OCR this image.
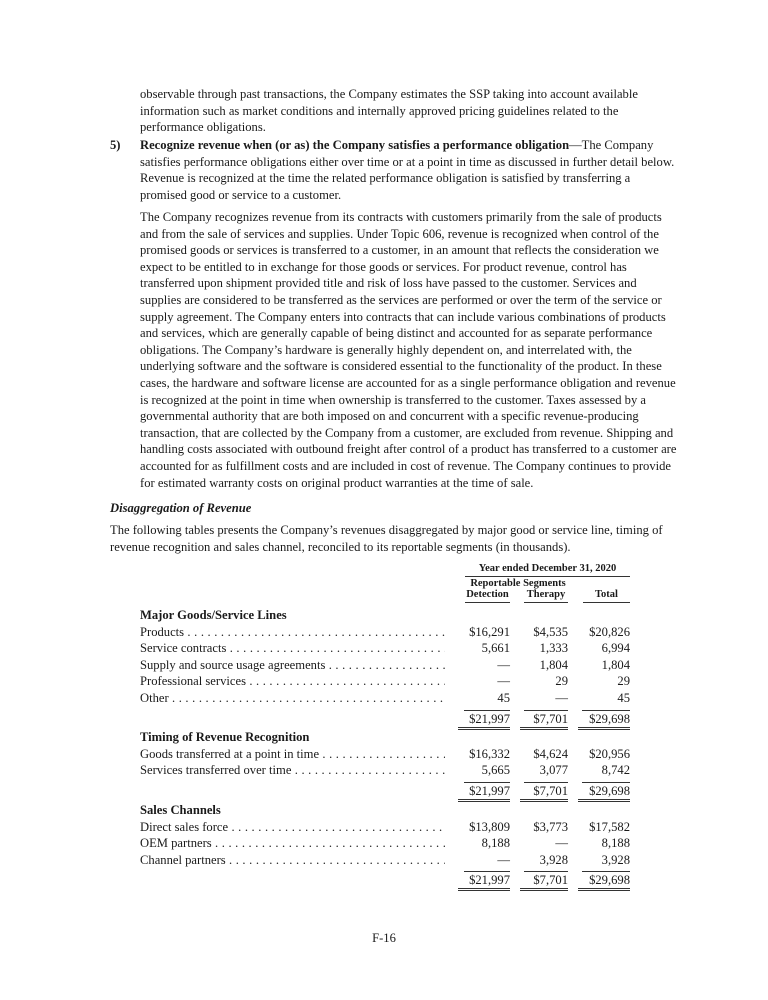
observable through past transactions, the Company estimates the SSP taking into account available information such as market conditions and internally approved pricing guidelines related to the performance obligations.

5) Recognize revenue when (or as) the Company satisfies a performance obligation—The Company satisfies performance obligations either over time or at a point in time as discussed in further detail below. Revenue is recognized at the time the related performance obligation is satisfied by transferring a promised good or service to a customer.

The Company recognizes revenue from its contracts with customers primarily from the sale of products and from the sale of services and supplies. Under Topic 606, revenue is recognized when control of the promised goods or services is transferred to a customer, in an amount that reflects the consideration we expect to be entitled to in exchange for those goods or services. For product revenue, control has transferred upon shipment provided title and risk of loss have passed to the customer. Services and supplies are considered to be transferred as the services are performed or over the term of the service or supply agreement. The Company enters into contracts that can include various combinations of products and services, which are generally capable of being distinct and accounted for as separate performance obligations. The Company’s hardware is generally highly dependent on, and interrelated with, the underlying software and the software is considered essential to the functionality of the product. In these cases, the hardware and software license are accounted for as a single performance obligation and revenue is recognized at the point in time when ownership is transferred to the customer. Taxes assessed by a governmental authority that are both imposed on and concurrent with a specific revenue-producing transaction, that are collected by the Company from a customer, are excluded from revenue. Shipping and handling costs associated with outbound freight after control of a product has transferred to a customer are accounted for as fulfillment costs and are included in cost of revenue. The Company continues to provide for estimated warranty costs on original product warranties at the time of sale.

Disaggregation of Revenue

The following tables presents the Company’s revenues disaggregated by major good or service line, timing of revenue recognition and sales channel, reconciled to its reportable segments (in thousands).

Year ended December 31, 2020
Reportable Segments
Detection Therapy	Total
Major Goods/Service Lines
Products . . .	$16,291	$4,535	$20,826
Service contracts . . .	5,661	1,333	6,994
Supply and source usage agreements . . .	—	1,804	1,804
Professional services . . .	—	29	29
Other . . .	45	—	45
$21,997	$7,701	$29,698
Timing of Revenue Recognition
Goods transferred at a point in time . . .	$16,332	$4,624	$20,956
Services transferred over time . . .	5,665	3,077	8,742
$21,997	$7,701	$29,698
Sales Channels
Direct sales force . . .	$13,809	$3,773	$17,582
OEM partners . . .	8,188	—	8,188
Channel partners . . .	—	3,928	3,928
$21,997	$7,701	$29,698
F-16
